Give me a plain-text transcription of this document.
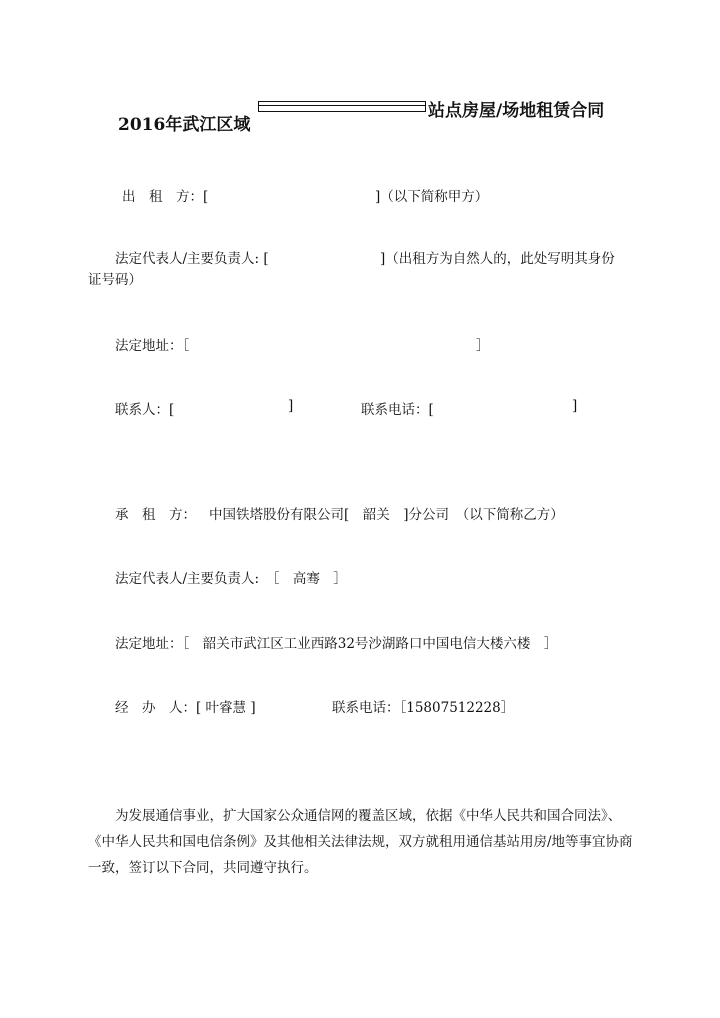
2016年武江区域
站点房屋/场地租赁合同
出　租　方：[	]（以下简称甲方）
法定代表人/主要负责人: [	]（出租方为自然人的，此处写明其身份
证号码）
法定地址：［	］
联系人：[	]	联系电话：[	]
承　租　方： 中国铁塔股份有限公司[　韶关　]分公司　（以下简称乙方）
法定代表人/主要负责人:　［　高骞　］
法定地址：［　韶关市武江区工业西路32号沙湖路口中国电信大楼六楼　］
经　办　人：[ 叶睿慧 ]	联系电话：［15807512228］
为发展通信事业，扩大国家公众通信网的覆盖区域，依据《中华人民共和国合同法》、《中华人民共和国电信条例》及其他相关法律法规，双方就租用通信基站用房/地等事宜协商一致，签订以下合同，共同遵守执行。
